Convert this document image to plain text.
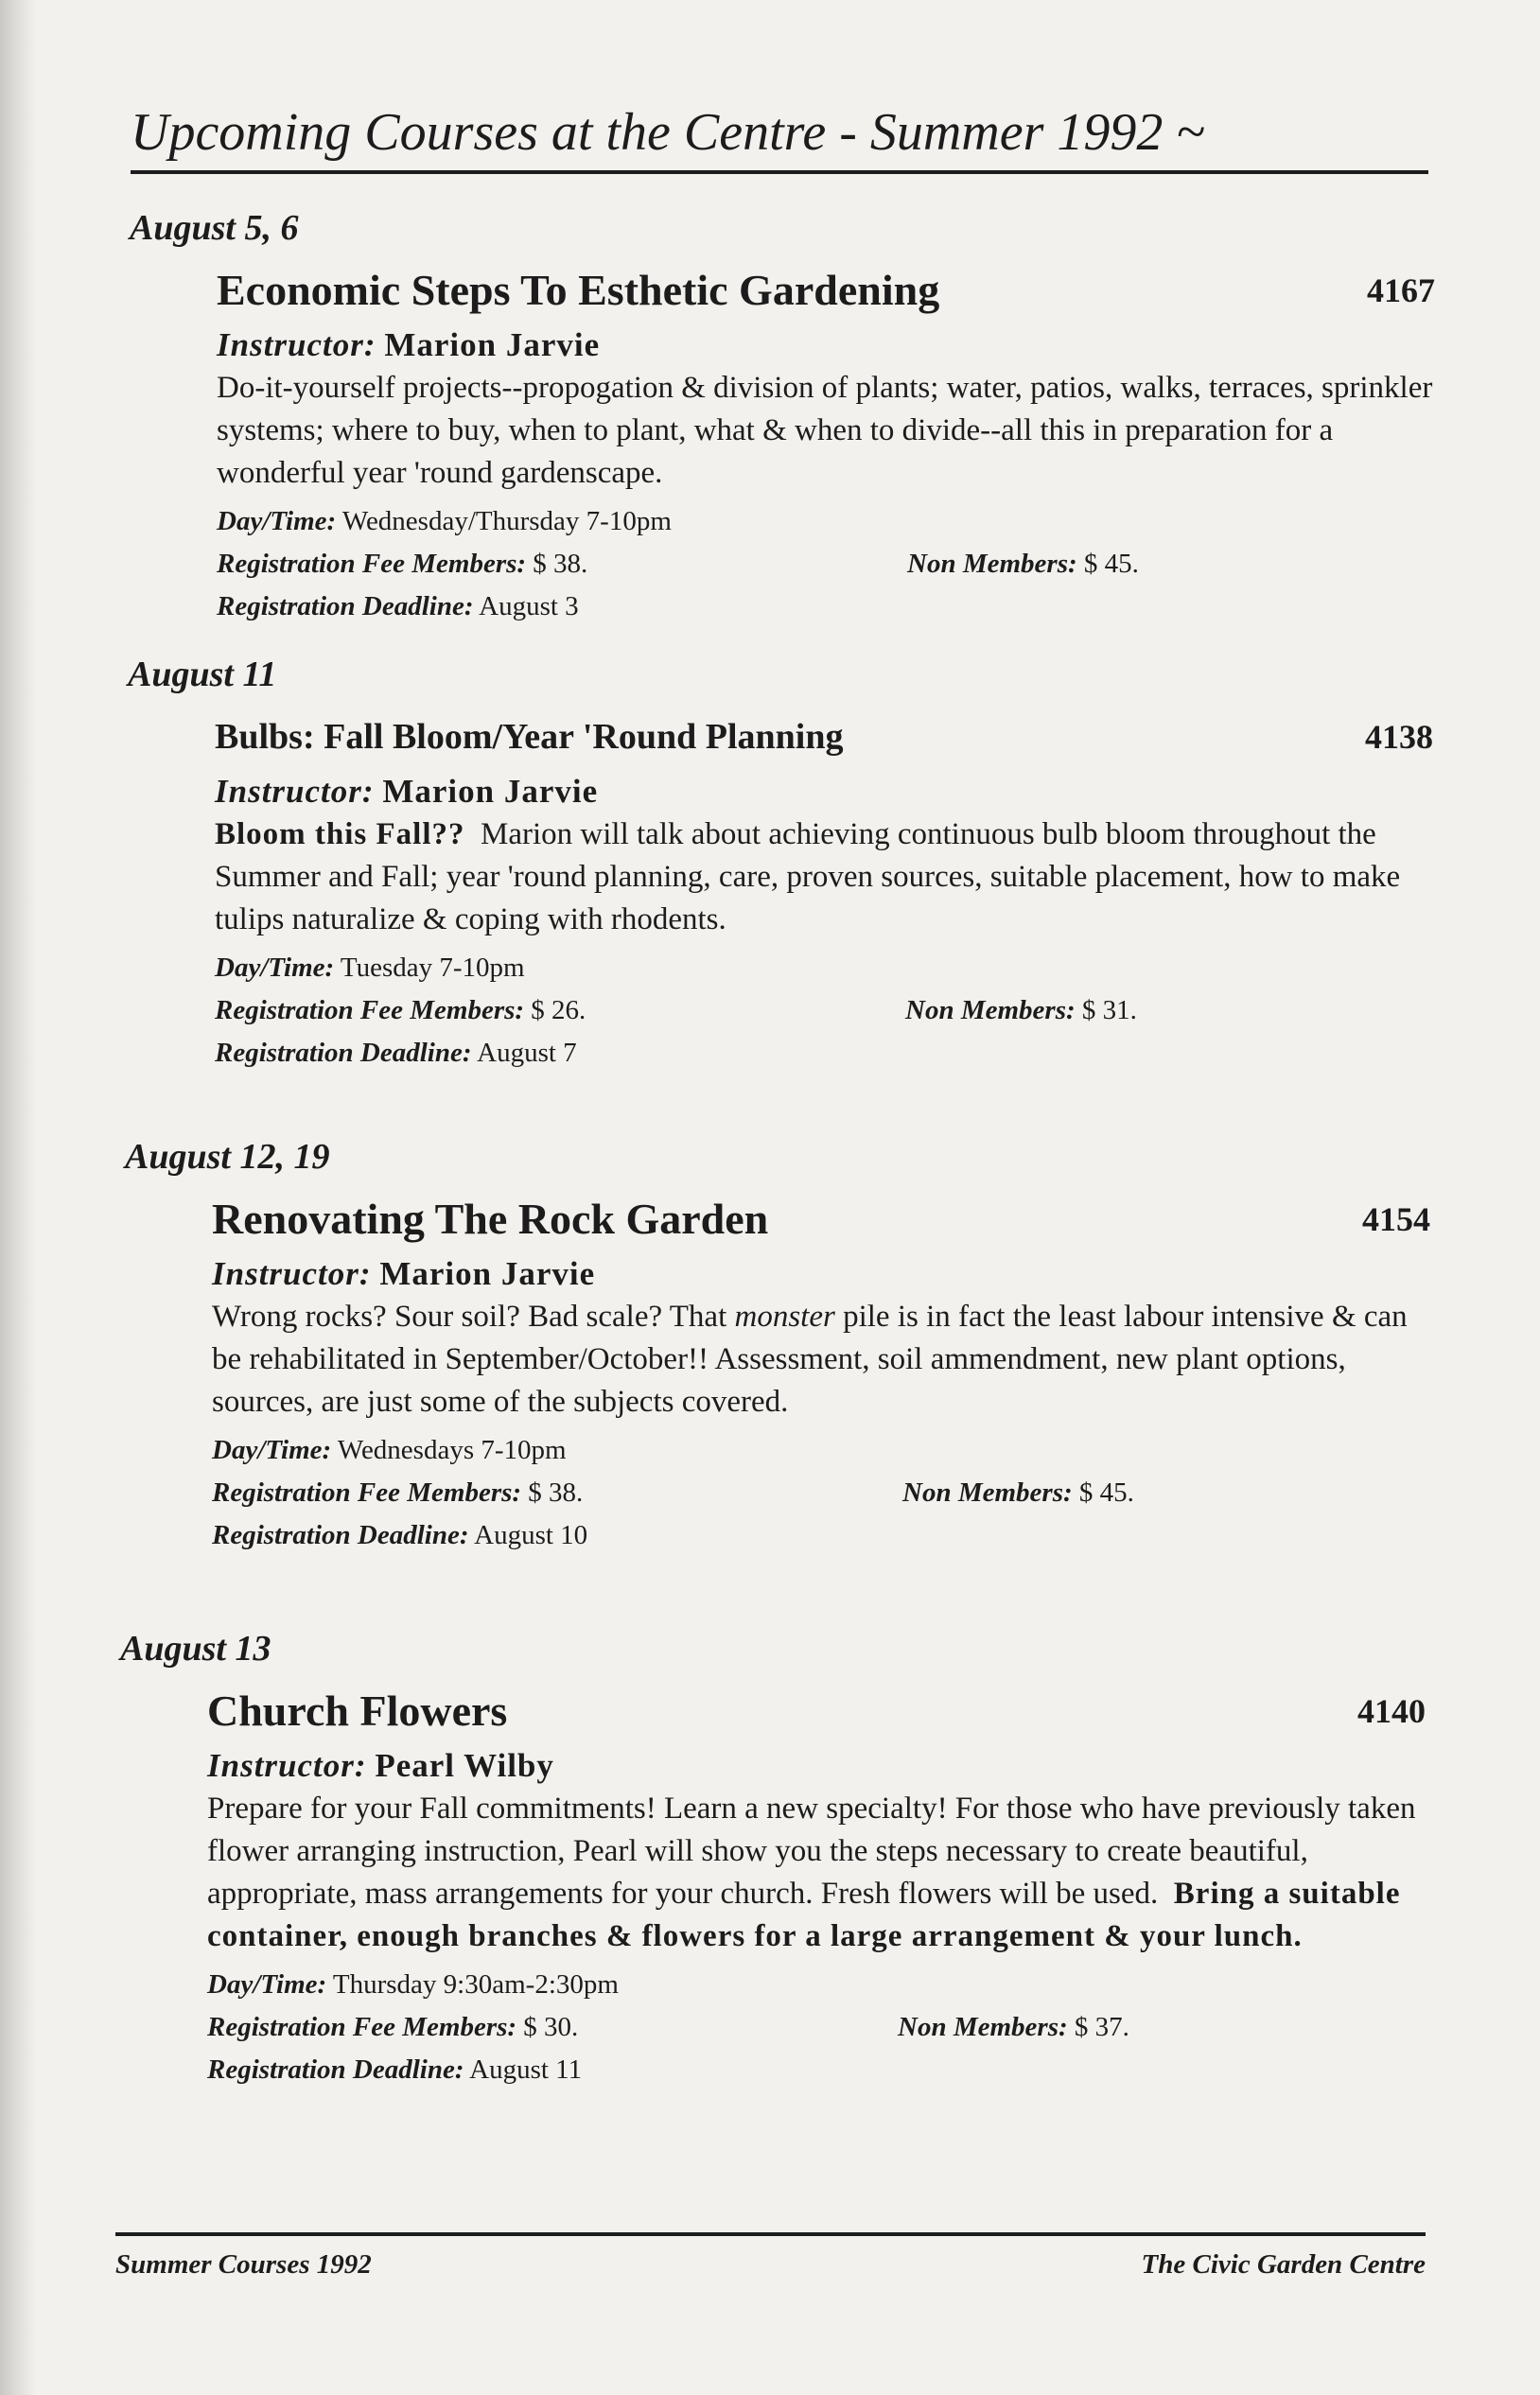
Upcoming Courses at the Centre - Summer 1992 ~
August 5, 6
Economic Steps To Esthetic Gardening	4167
Instructor: Marion Jarvie
Do-it-yourself projects--propogation & division of plants; water, patios, walks, terraces, sprinkler systems; where to buy, when to plant, what & when to divide--all this in preparation for a wonderful year 'round gardenscape.
Day/Time: Wednesday/Thursday 7-10pm
Registration Fee Members: $ 38.	Non Members: $ 45.
Registration Deadline: August 3
August 11
Bulbs: Fall Bloom/Year 'Round Planning	4138
Instructor: Marion Jarvie
Bloom this Fall?? Marion will talk about achieving continuous bulb bloom throughout the Summer and Fall; year 'round planning, care, proven sources, suitable placement, how to make tulips naturalize & coping with rhodents.
Day/Time: Tuesday 7-10pm
Registration Fee Members: $ 26.	Non Members: $ 31.
Registration Deadline: August 7
August 12, 19
Renovating The Rock Garden	4154
Instructor: Marion Jarvie
Wrong rocks? Sour soil? Bad scale? That monster pile is in fact the least labour intensive & can be rehabilitated in September/October!! Assessment, soil ammendment, new plant options, sources, are just some of the subjects covered.
Day/Time: Wednesdays 7-10pm
Registration Fee Members: $ 38.	Non Members: $ 45.
Registration Deadline: August 10
August 13
Church Flowers	4140
Instructor: Pearl Wilby
Prepare for your Fall commitments! Learn a new specialty! For those who have previously taken flower arranging instruction, Pearl will show you the steps necessary to create beautiful, appropriate, mass arrangements for your church. Fresh flowers will be used. Bring a suitable container, enough branches & flowers for a large arrangement & your lunch.
Day/Time: Thursday 9:30am-2:30pm
Registration Fee Members: $ 30.	Non Members: $ 37.
Registration Deadline: August 11
Summer Courses 1992	The Civic Garden Centre
